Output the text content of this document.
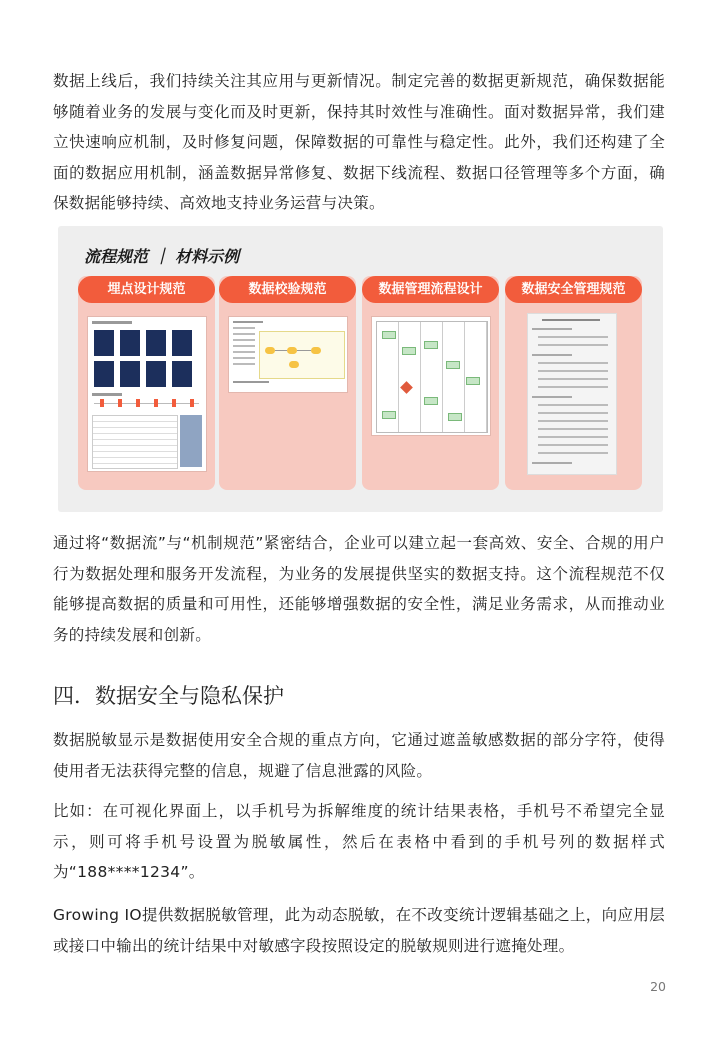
数据上线后，我们持续关注其应用与更新情况。制定完善的数据更新规范，确保数据能够随着业务的发展与变化而及时更新，保持其时效性与准确性。面对数据异常，我们建立快速响应机制，及时修复问题，保障数据的可靠性与稳定性。此外，我们还构建了全面的数据应用机制，涵盖数据异常修复、数据下线流程、数据口径管理等多个方面，确保数据能够持续、高效地支持业务运营与决策。

流程规范 ｜ 材料示例
埋点设计规范	数据校验规范	数据管理流程设计	数据安全管理规范

通过将“数据流”与“机制规范”紧密结合，企业可以建立起一套高效、安全、合规的用户行为数据处理和服务开发流程，为业务的发展提供坚实的数据支持。这个流程规范不仅能够提高数据的质量和可用性，还能够增强数据的安全性，满足业务需求，从而推动业务的持续发展和创新。

四．数据安全与隐私保护

数据脱敏显示是数据使用安全合规的重点方向，它通过遮盖敏感数据的部分字符，使得使用者无法获得完整的信息，规避了信息泄露的风险。

比如：在可视化界面上，以手机号为拆解维度的统计结果表格，手机号不希望完全显示，则可将手机号设置为脱敏属性，然后在表格中看到的手机号列的数据样式为“188****1234”。

Growing IO提供数据脱敏管理，此为动态脱敏，在不改变统计逻辑基础之上，向应用层或接口中输出的统计结果中对敏感字段按照设定的脱敏规则进行遮掩处理。

20
